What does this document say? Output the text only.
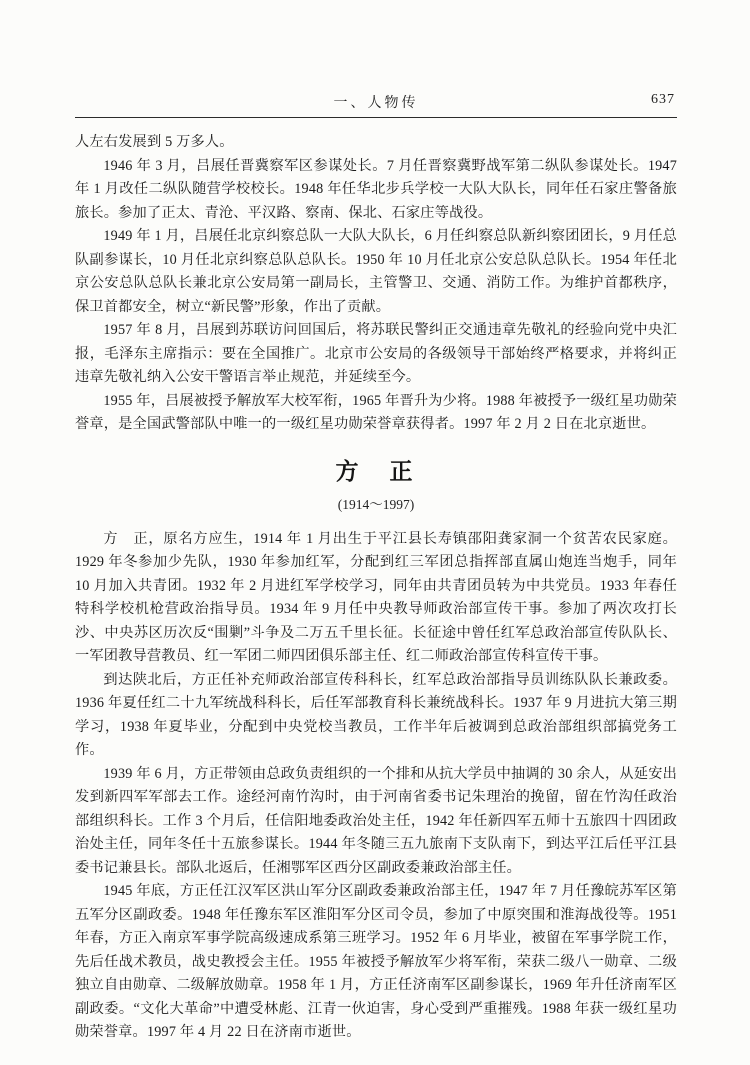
一、人物传	637

人左右发展到 5 万多人。

1946 年 3 月，吕展任晋冀察军区参谋处长。7 月任晋察冀野战军第二纵队参谋处长。1947 年 1 月改任二纵队随营学校校长。1948 年任华北步兵学校一大队大队长，同年任石家庄警备旅旅长。参加了正太、青沧、平汉路、察南、保北、石家庄等战役。

1949 年 1 月，吕展任北京纠察总队一大队大队长，6 月任纠察总队新纠察团团长，9 月任总队副参谋长，10 月任北京纠察总队总队长。1950 年 10 月任北京公安总队总队长。1954 年任北京公安总队总队长兼北京公安局第一副局长，主管警卫、交通、消防工作。为维护首都秩序，保卫首都安全，树立“新民警”形象，作出了贡献。

1957 年 8 月，吕展到苏联访问回国后，将苏联民警纠正交通违章先敬礼的经验向党中央汇报，毛泽东主席指示：要在全国推广。北京市公安局的各级领导干部始终严格要求，并将纠正违章先敬礼纳入公安干警语言举止规范，并延续至今。

1955 年，吕展被授予解放军大校军衔，1965 年晋升为少将。1988 年被授予一级红星功勋荣誉章，是全国武警部队中唯一的一级红星功勋荣誉章获得者。1997 年 2 月 2 日在北京逝世。

方　正
(1914～1997)

方　正，原名方应生，1914 年 1 月出生于平江县长寿镇邵阳龚家洞一个贫苦农民家庭。1929 年冬参加少先队，1930 年参加红军，分配到红三军团总指挥部直属山炮连当炮手，同年 10 月加入共青团。1932 年 2 月进红军学校学习，同年由共青团员转为中共党员。1933 年春任特科学校机枪营政治指导员。1934 年 9 月任中央教导师政治部宣传干事。参加了两次攻打长沙、中央苏区历次反“围剿”斗争及二万五千里长征。长征途中曾任红军总政治部宣传队队长、一军团教导营教员、红一军团二师四团俱乐部主任、红二师政治部宣传科宣传干事。

到达陕北后，方正任补充师政治部宣传科科长，红军总政治部指导员训练队队长兼政委。1936 年夏任红二十九军统战科科长，后任军部教育科长兼统战科长。1937 年 9 月进抗大第三期学习，1938 年夏毕业，分配到中央党校当教员，工作半年后被调到总政治部组织部搞党务工作。

1939 年 6 月，方正带领由总政负责组织的一个排和从抗大学员中抽调的 30 余人，从延安出发到新四军军部去工作。途经河南竹沟时，由于河南省委书记朱理治的挽留，留在竹沟任政治部组织科长。工作 3 个月后，任信阳地委政治处主任，1942 年任新四军五师十五旅四十四团政治处主任，同年冬任十五旅参谋长。1944 年冬随三五九旅南下支队南下，到达平江后任平江县委书记兼县长。部队北返后，任湘鄂军区西分区副政委兼政治部主任。

1945 年底，方正任江汉军区洪山军分区副政委兼政治部主任，1947 年 7 月任豫皖苏军区第五军分区副政委。1948 年任豫东军区淮阳军分区司令员，参加了中原突围和淮海战役等。1951 年春，方正入南京军事学院高级速成系第三班学习。1952 年 6 月毕业，被留在军事学院工作，先后任战术教员，战史教授会主任。1955 年被授予解放军少将军衔，荣获二级八一勋章、二级独立自由勋章、二级解放勋章。1958 年 1 月，方正任济南军区副参谋长，1969 年升任济南军区副政委。“文化大革命”中遭受林彪、江青一伙迫害，身心受到严重摧残。1988 年获一级红星功勋荣誉章。1997 年 4 月 22 日在济南市逝世。
